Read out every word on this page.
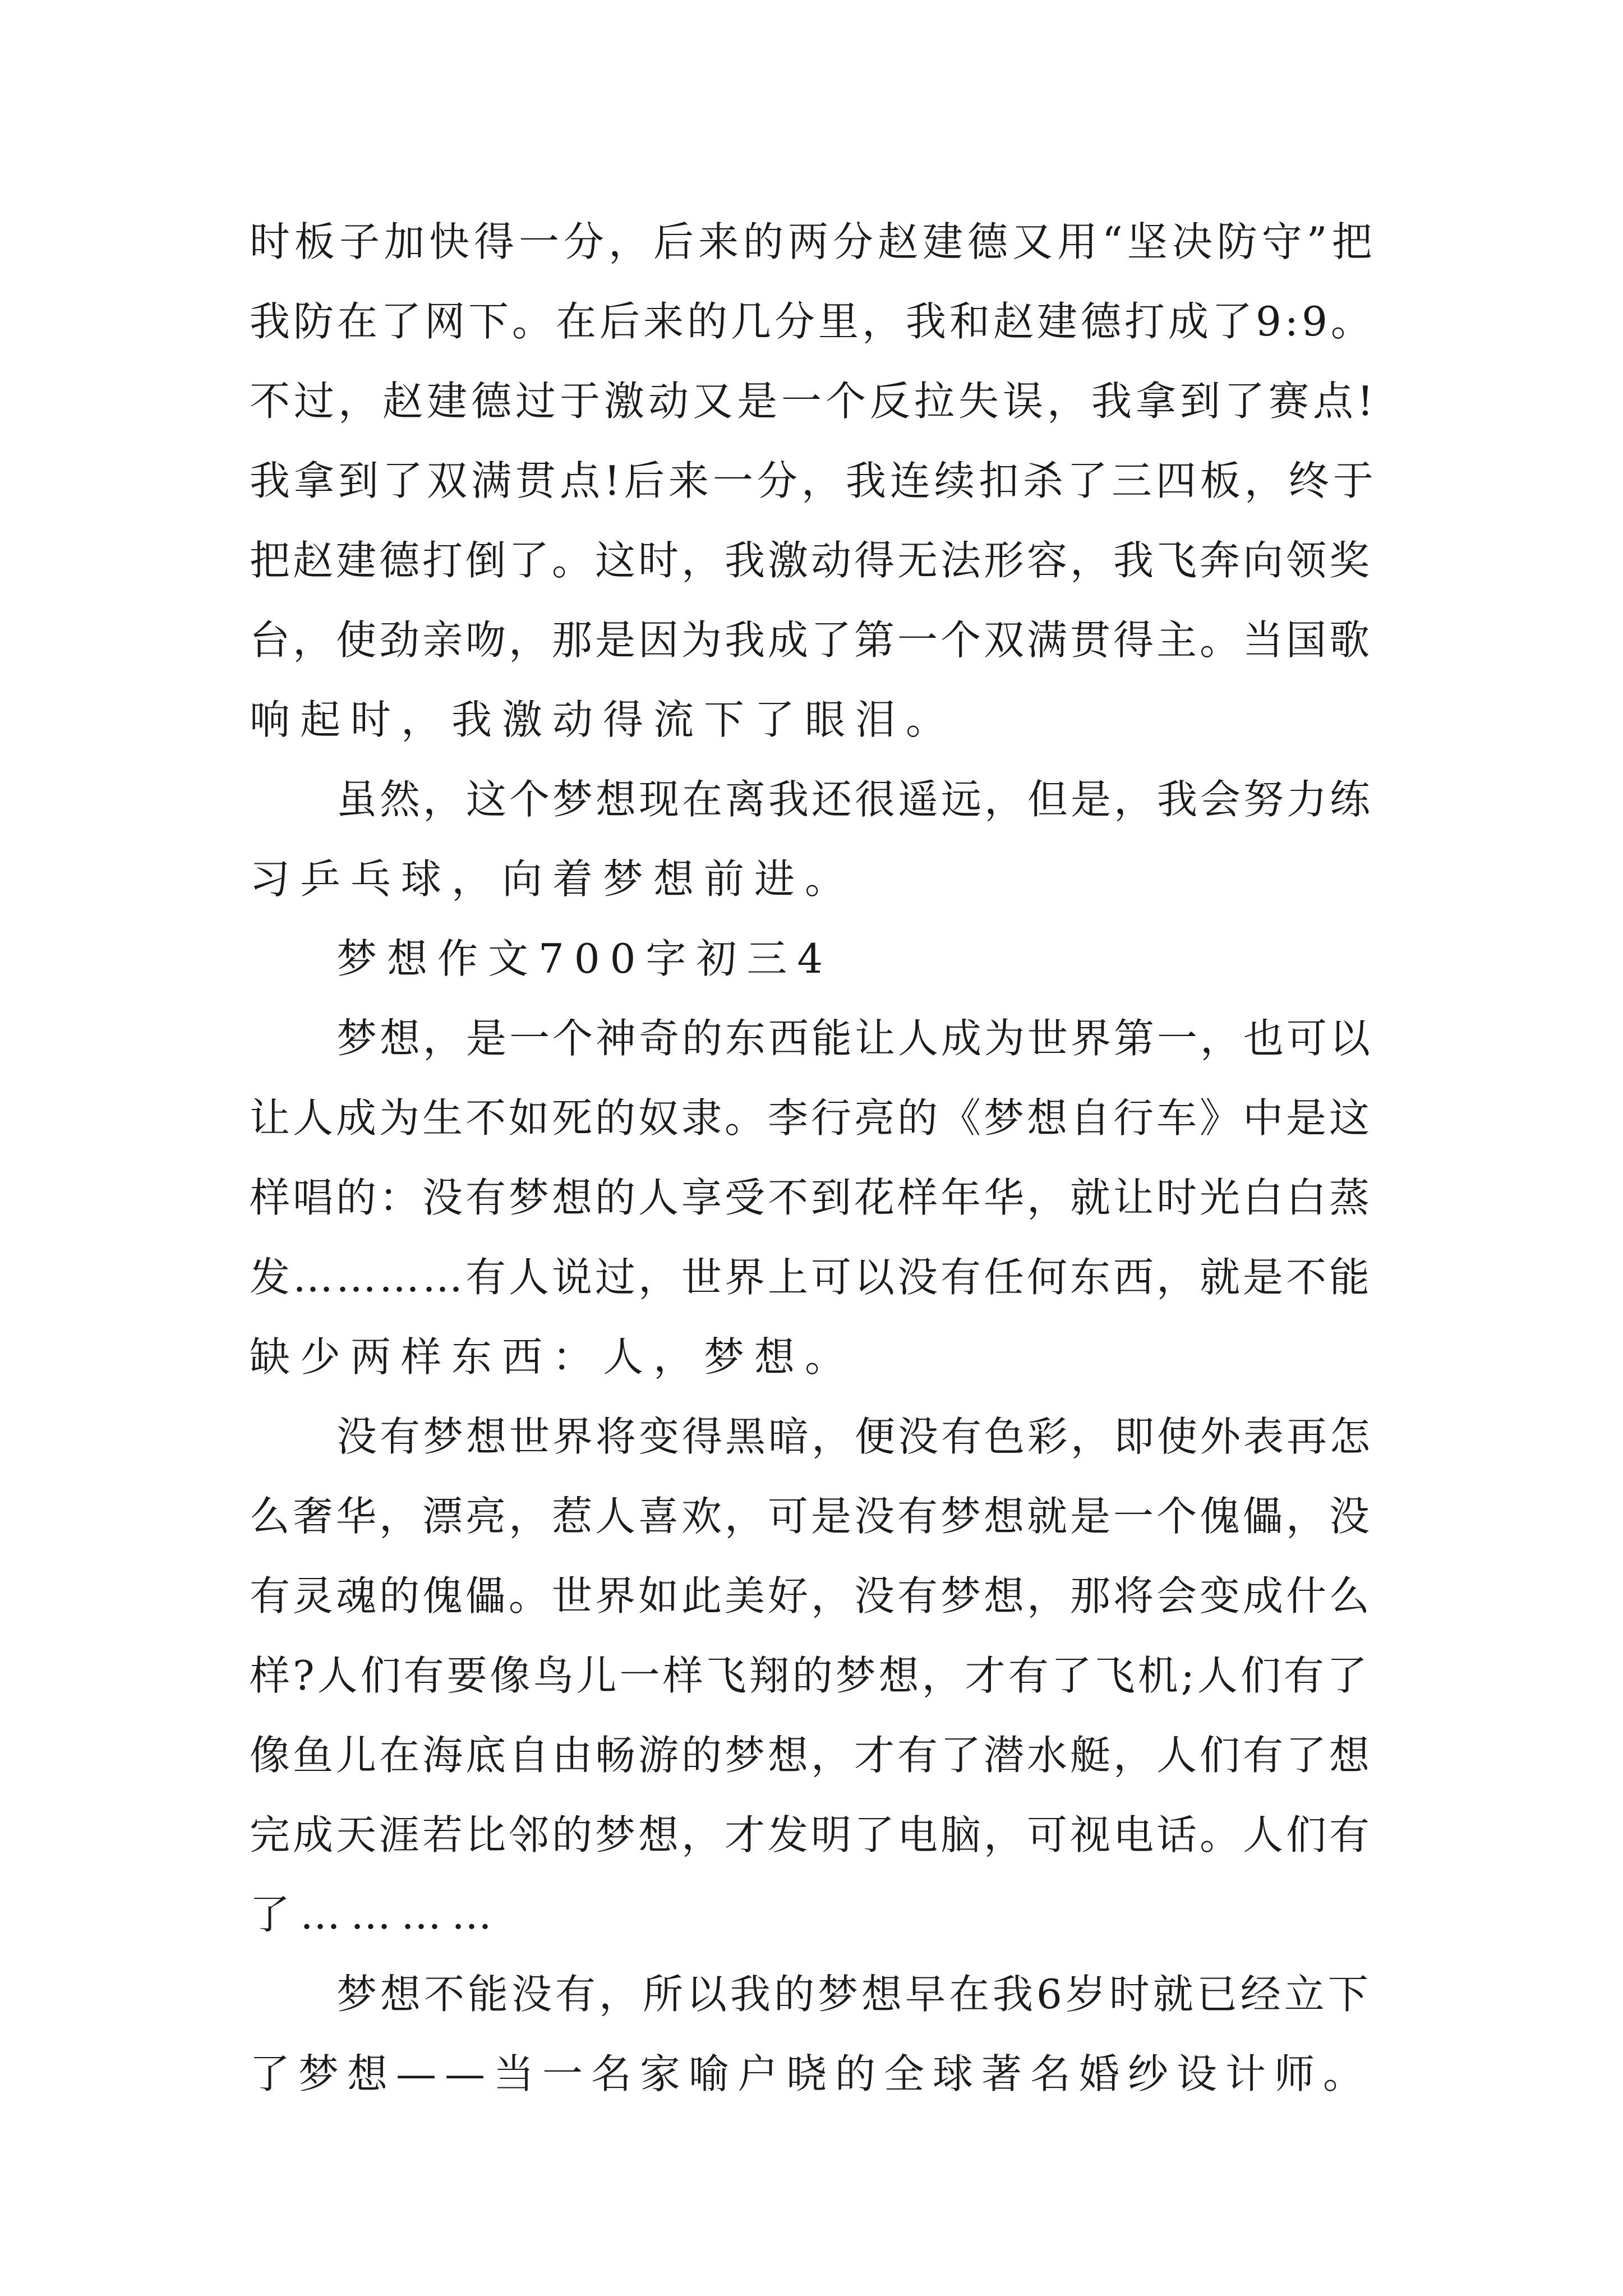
时板子加快得一分，后来的两分赵建德又用“坚决防守”把
我防在了网下。在后来的几分里，我和赵建德打成了9:9。
不过，赵建德过于激动又是一个反拉失误，我拿到了赛点!
我拿到了双满贯点!后来一分，我连续扣杀了三四板，终于
把赵建德打倒了。这时，我激动得无法形容，我飞奔向领奖
台，使劲亲吻，那是因为我成了第一个双满贯得主。当国歌
响起时，我激动得流下了眼泪。
虽然，这个梦想现在离我还很遥远，但是，我会努力练
习乒乓球，向着梦想前进。
梦想作文700字初三4
梦想，是一个神奇的东西能让人成为世界第一，也可以
让人成为生不如死的奴隶。李行亮的《梦想自行车》中是这
样唱的：没有梦想的人享受不到花样年华，就让时光白白蒸
发…………有人说过，世界上可以没有任何东西，就是不能
缺少两样东西：人，梦想。
没有梦想世界将变得黑暗，便没有色彩，即使外表再怎
么奢华，漂亮，惹人喜欢，可是没有梦想就是一个傀儡，没
有灵魂的傀儡。世界如此美好，没有梦想，那将会变成什么
样?人们有要像鸟儿一样飞翔的梦想，才有了飞机;人们有了
像鱼儿在海底自由畅游的梦想，才有了潜水艇，人们有了想
完成天涯若比邻的梦想，才发明了电脑，可视电话。人们有
了…………
梦想不能没有，所以我的梦想早在我6岁时就已经立下
了梦想——当一名家喻户晓的全球著名婚纱设计师。
